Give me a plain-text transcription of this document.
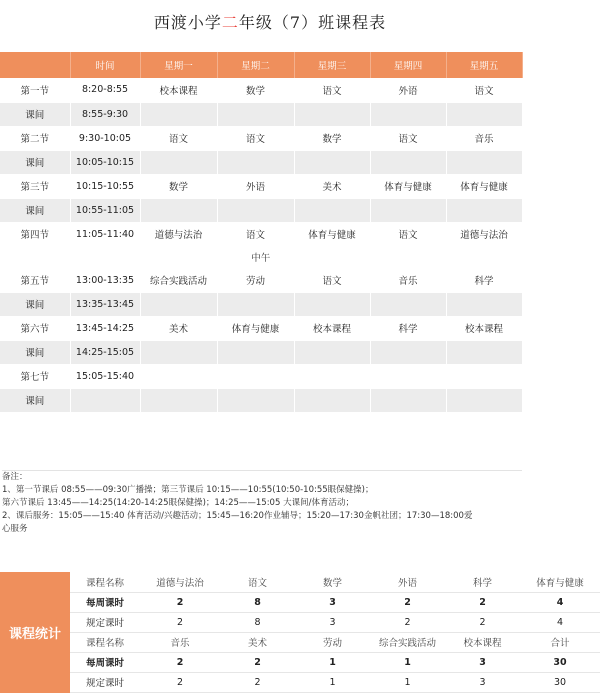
西渡小学二年级（7）班课程表
	时间	星期一	星期二	星期三	星期四	星期五
第一节	8:20-8:55	校本课程	数学	语文	外语	语文
课间	8:55-9:30					
第二节	9:30-10:05	语文	语文	数学	语文	音乐
课间	10:05-10:15					
第三节	10:15-10:55	数学	外语	美术	体育与健康	体育与健康
课间	10:55-11:05					
第四节	11:05-11:40	道德与法治	语文	体育与健康	语文	道德与法治
中午						
第五节	13:00-13:35	综合实践活动	劳动	语文	音乐	科学
课间	13:35-13:45					
第六节	13:45-14:25	美术	体育与健康	校本课程	科学	校本课程
课间	14:25-15:05					
第七节	15:05-15:40					
课间						

备注：
1、第一节课后 08:55——09:30广播操；第三节课后 10:15——10:55(10:50-10:55眼保健操)；
第六节课后 13:45——14:25(14:20-14:25眼保健操)；14:25——15:05 大课间/体育活动；
2、课后服务：15:05——15:40 体育活动/兴趣活动；15:45—16:20作业辅导；15:20—17:30金帆社团；17:30—18:00爱
心服务
课程统计
课程名称	道德与法治	语文	数学	外语	科学	体育与健康
每周课时	2	8	3	2	2	4
规定课时	2	8	3	2	2	4
课程名称	音乐	美术	劳动	综合实践活动	校本课程	合计
每周课时	2	2	1	1	3	30
规定课时	2	2	1	1	3	30
